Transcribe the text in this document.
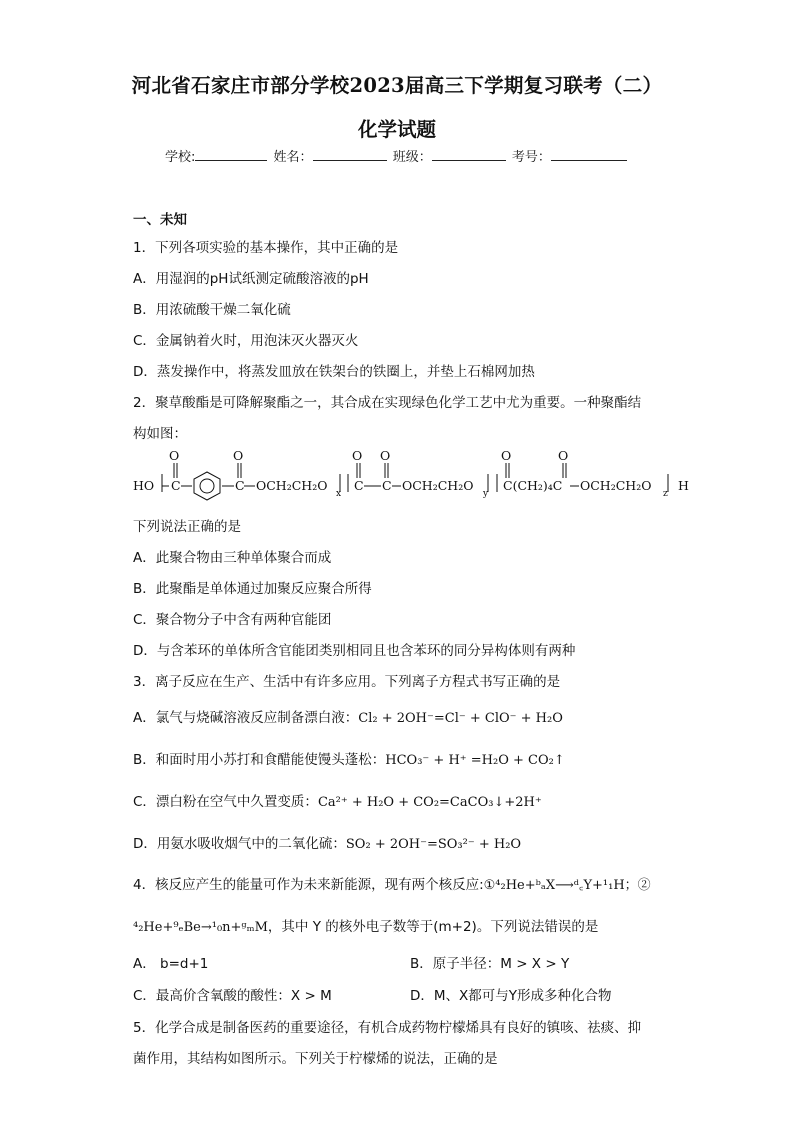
河北省石家庄市部分学校2023届高三下学期复习联考（二）
化学试题
学校:	姓名：	班级：	考号：
一、未知
1．下列各项实验的基本操作，其中正确的是
A．用湿润的pH试纸测定硫酸溶液的pH
B．用浓硫酸干燥二氧化硫
C．金属钠着火时，用泡沫灭火器灭火
D．蒸发操作中，将蒸发皿放在铁架台的铁圈上，并垫上石棉网加热
2．聚草酸酯是可降解聚酯之一，其合成在实现绿色化学工艺中尤为重要。一种聚酯结
构如图：
O	O	O O	O	O
HO C	C OCH₂CH₂O C C OCH₂CH₂O C(CH₂)₄C OCH₂CH₂O H
x	y	z
下列说法正确的是
A．此聚合物由三种单体聚合而成
B．此聚酯是单体通过加聚反应聚合所得
C．聚合物分子中含有两种官能团
D．与含苯环的单体所含官能团类别相同且也含苯环的同分异构体则有两种
3．离子反应在生产、生活中有许多应用。下列离子方程式书写正确的是
A．氯气与烧碱溶液反应制备漂白液：Cl₂ + 2OH⁻=Cl⁻ + ClO⁻ + H₂O
B．和面时用小苏打和食醋能使馒头蓬松：HCO₃⁻ + H⁺ =H₂O + CO₂↑
C．漂白粉在空气中久置变质：Ca²⁺ + H₂O + CO₂=CaCO₃↓+2H⁺
D．用氨水吸收烟气中的二氧化硫：SO₂ + 2OH⁻=SO₃²⁻ + H₂O
4．核反应产生的能量可作为未来新能源，现有两个核反应:①⁴₂He+ᵇₐX⟶ᵈ꜀Y+¹₁H；②
⁴₂He+⁹ₑBe→¹₀n+ᵍₘM，其中 Y 的核外电子数等于(m+2)。下列说法错误的是
A． b=d+1	B．原子半径：M > X > Y
C．最高价含氧酸的酸性：X > M	D．M、X都可与Y形成多种化合物
5．化学合成是制备医药的重要途径，有机合成药物柠檬烯具有良好的镇咳、祛痰、抑
菌作用，其结构如图所示。下列关于柠檬烯的说法，正确的是
